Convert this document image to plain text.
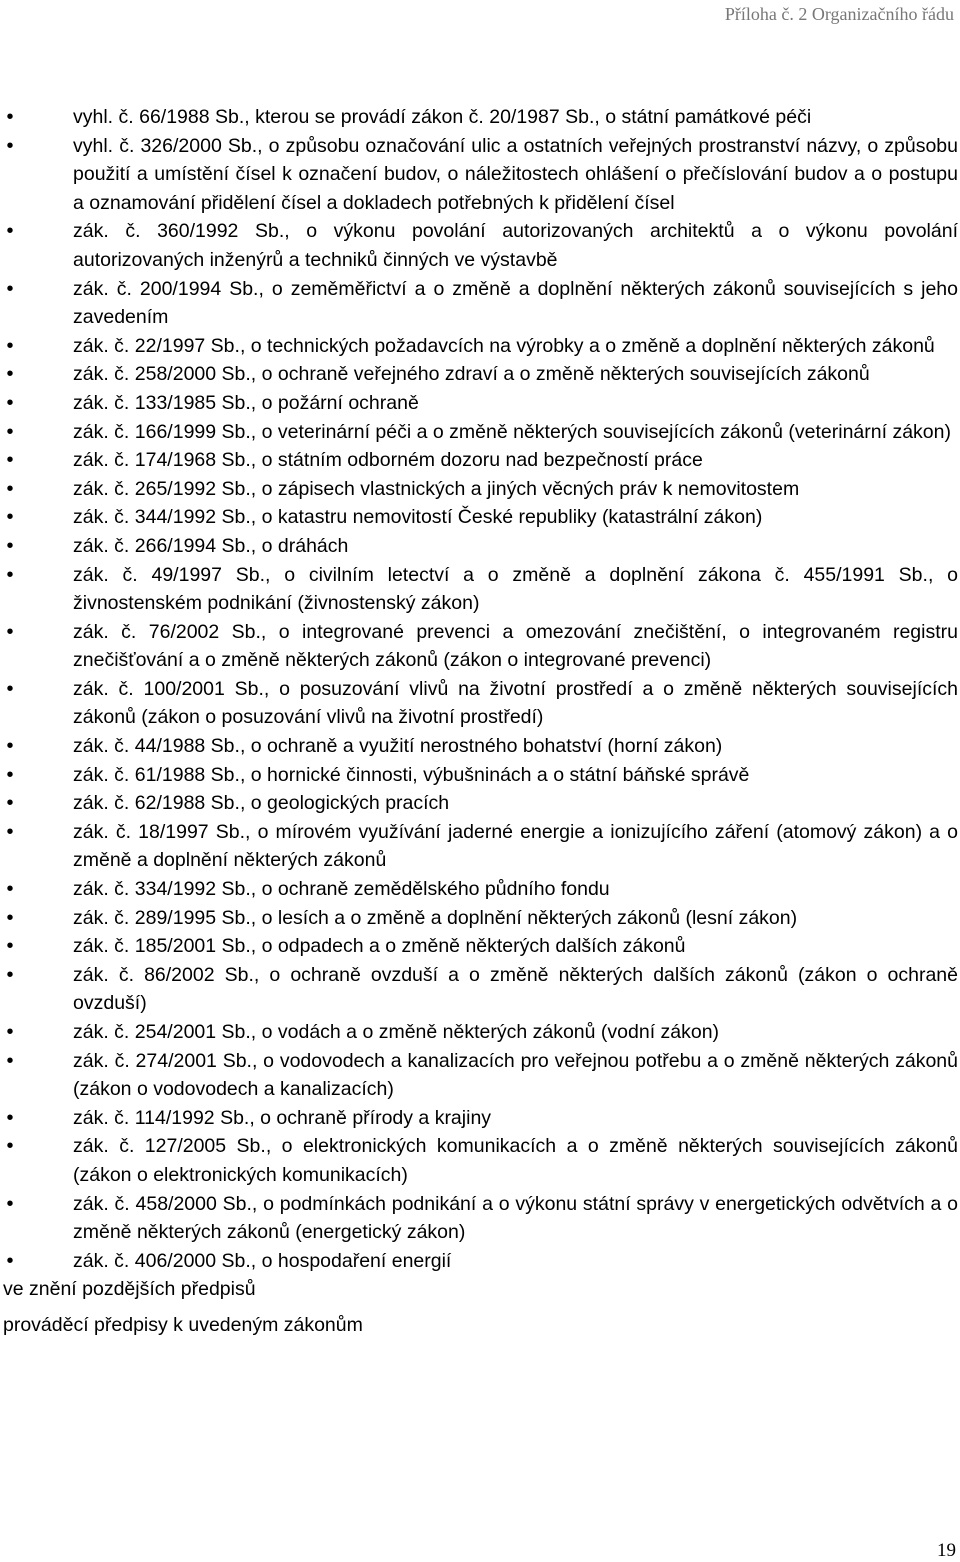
Příloha č. 2 Organizačního řádu
•	vyhl. č. 66/1988 Sb., kterou se provádí zákon č. 20/1987 Sb., o státní památkové péči
•	vyhl. č. 326/2000 Sb., o způsobu označování ulic a ostatních veřejných prostranství názvy, o způsobu použití a umístění čísel k označení budov, o náležitostech ohlášení o přečíslování budov a o postupu a oznamování přidělení čísel a dokladech potřebných k přidělení čísel
•	zák. č. 360/1992 Sb., o výkonu povolání autorizovaných architektů a o výkonu povolání autorizovaných inženýrů a techniků činných ve výstavbě
•	zák. č. 200/1994 Sb., o zeměměřictví a o změně a doplnění některých zákonů souvisejících s jeho zavedením
•	zák. č. 22/1997 Sb., o technických požadavcích na výrobky a o změně a doplnění některých zákonů
•	zák. č. 258/2000 Sb., o ochraně veřejného zdraví a o změně některých souvisejících zákonů
•	zák. č. 133/1985 Sb., o požární ochraně
•	zák. č. 166/1999 Sb., o veterinární péči a o změně některých souvisejících zákonů (veterinární zákon)
•	zák. č. 174/1968 Sb., o státním odborném dozoru nad bezpečností práce
•	zák. č. 265/1992 Sb., o zápisech vlastnických a jiných věcných práv k nemovitostem
•	zák. č. 344/1992 Sb., o katastru nemovitostí České republiky (katastrální zákon)
•	zák. č. 266/1994 Sb., o dráhách
•	zák. č. 49/1997 Sb., o civilním letectví a o změně a doplnění zákona č. 455/1991 Sb., o živnostenském podnikání (živnostenský zákon)
•	zák. č. 76/2002 Sb., o integrované prevenci a omezování znečištění, o integrovaném registru znečišťování a o změně některých zákonů (zákon o integrované prevenci)
•	zák. č. 100/2001 Sb., o posuzování vlivů na životní prostředí a o změně některých souvisejících zákonů (zákon o posuzování vlivů na životní prostředí)
•	zák. č. 44/1988 Sb., o ochraně a využití nerostného bohatství (horní zákon)
•	zák. č. 61/1988 Sb., o hornické činnosti, výbušninách a o státní báňské správě
•	zák. č. 62/1988 Sb., o geologických pracích
•	zák. č. 18/1997 Sb., o mírovém využívání jaderné energie a ionizujícího záření (atomový zákon) a o změně a doplnění některých zákonů
•	zák. č. 334/1992 Sb., o ochraně zemědělského půdního fondu
•	zák. č. 289/1995 Sb., o lesích a o změně a doplnění některých zákonů (lesní zákon)
•	zák. č. 185/2001 Sb., o odpadech a o změně některých dalších zákonů
•	zák. č. 86/2002 Sb., o ochraně ovzduší a o změně některých dalších zákonů (zákon o ochraně ovzduší)
•	zák. č. 254/2001 Sb., o vodách a o změně některých zákonů (vodní zákon)
•	zák. č. 274/2001 Sb., o vodovodech a kanalizacích pro veřejnou potřebu a o změně některých zákonů (zákon o vodovodech a kanalizacích)
•	zák. č. 114/1992 Sb., o ochraně přírody a krajiny
•	zák. č. 127/2005 Sb., o elektronických komunikacích a o změně některých souvisejících zákonů (zákon o elektronických komunikacích)
•	zák. č. 458/2000 Sb., o podmínkách podnikání a o výkonu státní správy v energetických odvětvích a o změně některých zákonů (energetický zákon)
•	zák. č. 406/2000 Sb., o hospodaření energií
ve znění pozdějších předpisů
prováděcí předpisy k uvedeným zákonům
19
